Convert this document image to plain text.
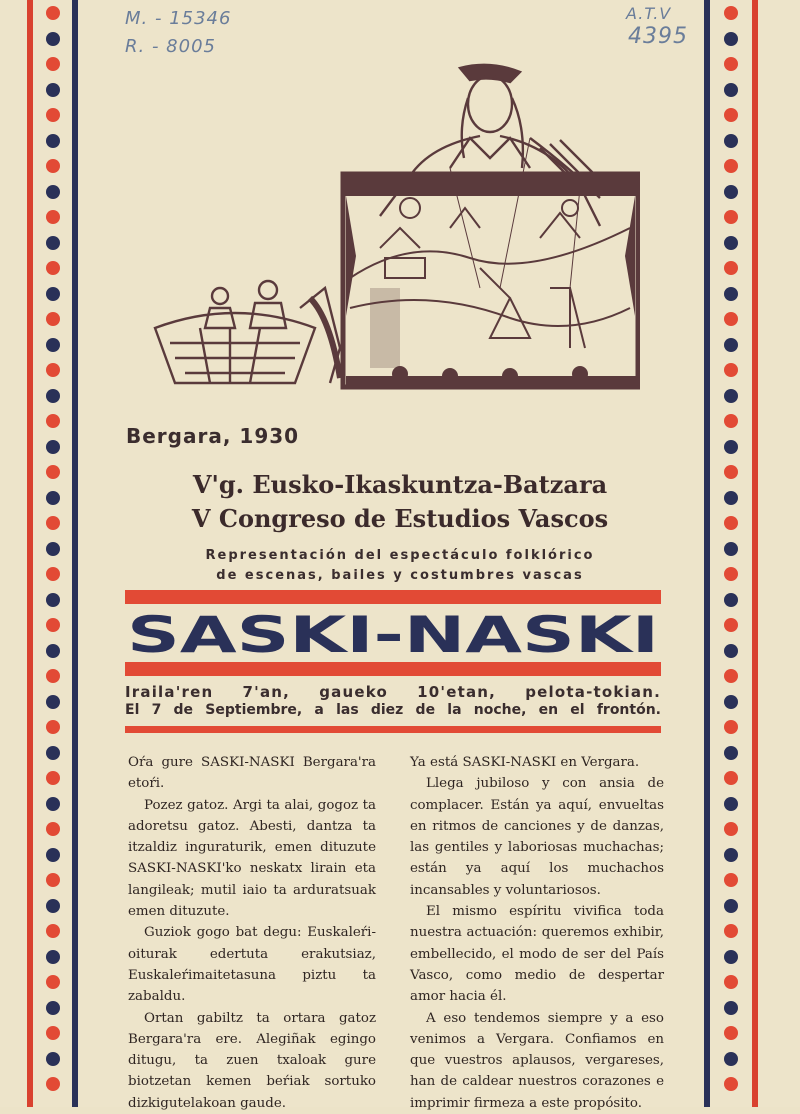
M. - 15346
R. - 8005
A.T.V
4395
Bergara, 1930
V'g. Eusko-Ikaskuntza-Batzara
V Congreso de Estudios Vascos
Representación del espectáculo folklórico
de escenas, bailes y costumbres vascas
SASKI-NASKI
Iraila'ren 7'an, gaueko 10'etan, pelota-tokian.
El 7 de Septiembre, a las diez de la noche, en el frontón.

Oŕa gure SASKI-NASKI Bergara'ra etoŕi.

Pozez gatoz. Argi ta alai, gogoz ta adoretsu gatoz. Abesti, dantza ta itzaldiz inguraturik, emen dituzute SASKI-NASKI'ko neskatx lirain eta langileak; mutil iaio ta arduratsuak emen dituzute.

Guziok gogo bat degu: Euskaleŕi-oiturak edertuta erakutsiaz, Euskaleŕimaitetasuna piztu ta zabaldu.

Ortan gabiltz ta ortara gatoz Bergara'ra ere. Alegiñak egingo ditugu, ta zuen txaloak gure biotzetan kemen beŕiak sortuko dizkigutelakoan gaude.

Ya está SASKI-NASKI en Vergara.

Llega jubiloso y con ansia de complacer. Están ya aquí, envueltas en ritmos de canciones y de danzas, las gentiles y laboriosas muchachas; están ya aquí los muchachos incansables y voluntariosos.

El mismo espíritu vivifica toda nuestra actuación: queremos exhibir, embellecido, el modo de ser del País Vasco, como medio de despertar amor hacia él.

A eso tendemos siempre y a eso venimos a Vergara. Confiamos en que vuestros aplausos, vergareses, han de caldear nuestros corazones e imprimir firmeza a este propósito.
